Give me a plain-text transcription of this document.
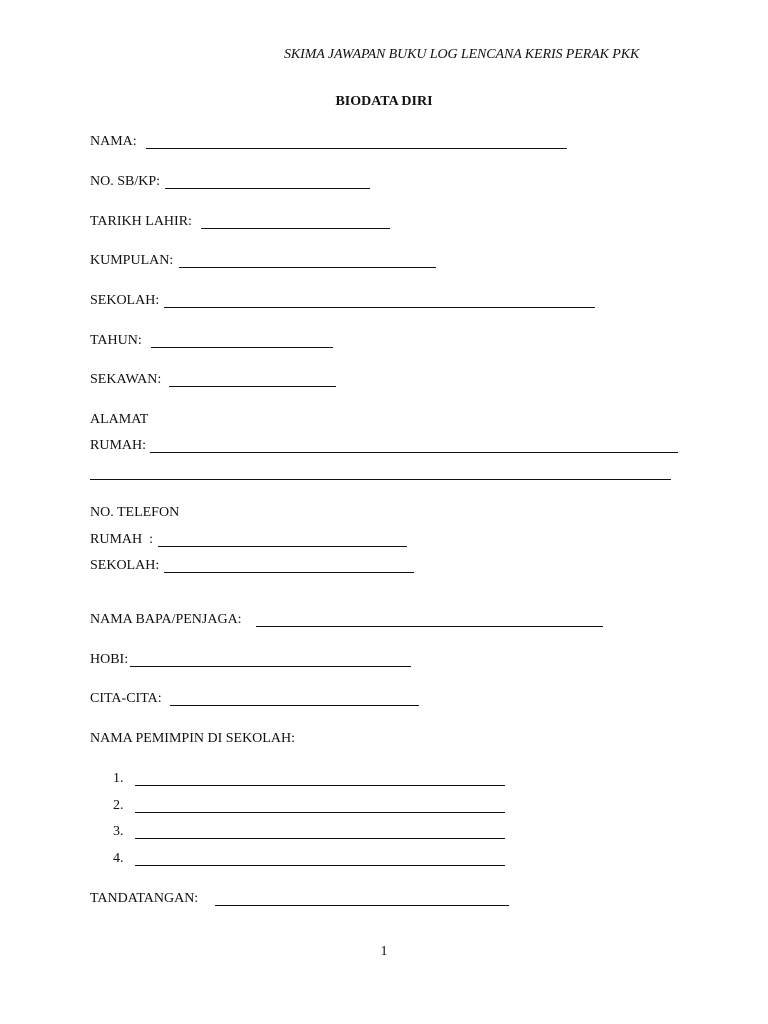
SKIMA JAWAPAN BUKU LOG LENCANA KERIS PERAK PKK
BIODATA DIRI
NAMA:
NO. SB/KP:
TARIKH LAHIR:
KUMPULAN:
SEKOLAH:
TAHUN:
SEKAWAN:
ALAMAT
RUMAH:
NO. TELEFON
RUMAH  :
SEKOLAH:
NAMA BAPA/PENJAGA:
HOBI:
CITA-CITA:
NAMA PEMIMPIN DI SEKOLAH:
1.
2.
3.
4.
TANDATANGAN:
1
